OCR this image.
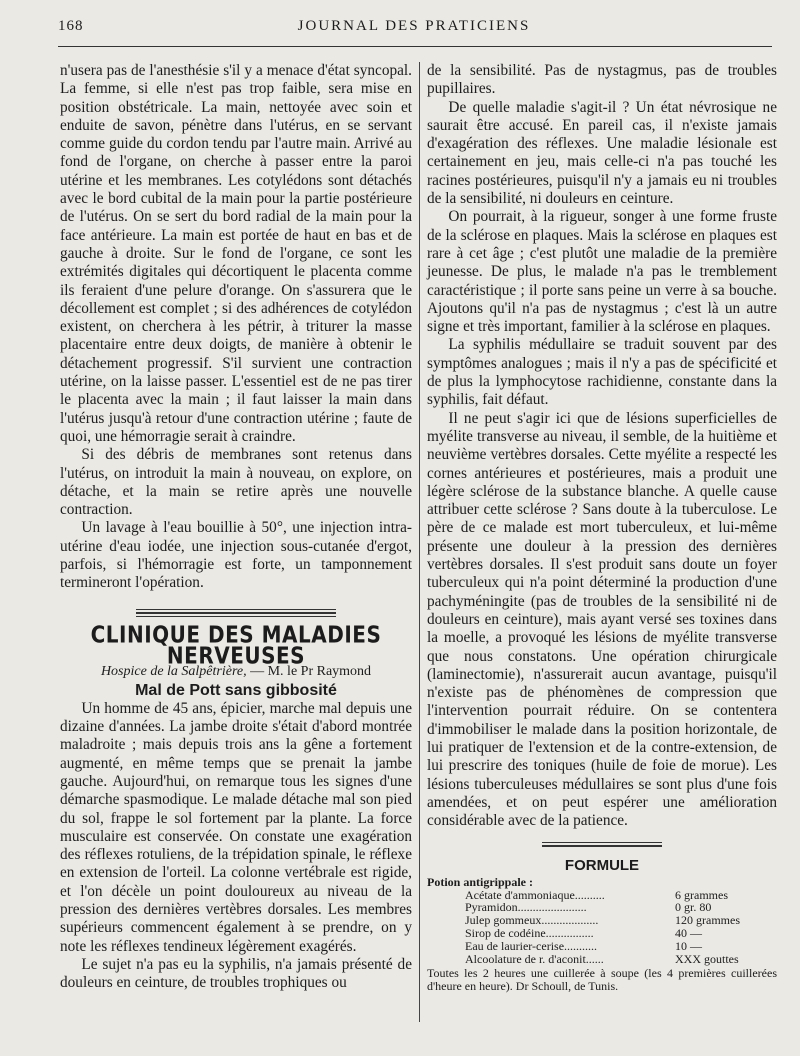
168	JOURNAL DES PRATICIENS

n'usera pas de l'anesthésie s'il y a menace d'état syncopal. La femme, si elle n'est pas trop faible, sera mise en position obstétricale. La main, nettoyée avec soin et enduite de savon, pénètre dans l'utérus, en se servant comme guide du cordon tendu par l'autre main. Arrivé au fond de l'organe, on cherche à passer entre la paroi utérine et les membranes. Les cotylédons sont détachés avec le bord cubital de la main pour la partie postérieure de l'utérus. On se sert du bord radial de la main pour la face antérieure. La main est portée de haut en bas et de gauche à droite. Sur le fond de l'organe, ce sont les extrémités digitales qui décortiquent le placenta comme ils feraient d'une pelure d'orange. On s'assurera que le décollement est complet ; si des adhérences de cotylédon existent, on cherchera à les pétrir, à triturer la masse placentaire entre deux doigts, de manière à obtenir le détachement progressif. S'il survient une contraction utérine, on la laisse passer. L'essentiel est de ne pas tirer le placenta avec la main ; il faut laisser la main dans l'utérus jusqu'à retour d'une contraction utérine ; faute de quoi, une hémorragie serait à craindre.

Si des débris de membranes sont retenus dans l'utérus, on introduit la main à nouveau, on explore, on détache, et la main se retire après une nouvelle contraction.

Un lavage à l'eau bouillie à 50°, une injection intra-utérine d'eau iodée, une injection sous-cutanée d'ergot, parfois, si l'hémorragie est forte, un tamponnement termineront l'opération.

CLINIQUE DES MALADIES NERVEUSES

Hospice de la Salpêtrière, — M. le Pr Raymond

Mal de Pott sans gibbosité

Un homme de 45 ans, épicier, marche mal depuis une dizaine d'années. La jambe droite s'était d'abord montrée maladroite ; mais depuis trois ans la gêne a fortement augmenté, en même temps que se prenait la jambe gauche. Aujourd'hui, on remarque tous les signes d'une démarche spasmodique. Le malade détache mal son pied du sol, frappe le sol fortement par la plante. La force musculaire est conservée. On constate une exagération des réflexes rotuliens, de la trépidation spinale, le réflexe en extension de l'orteil. La colonne vertébrale est rigide, et l'on décèle un point douloureux au niveau de la pression des dernières vertèbres dorsales. Les membres supérieurs commencent également à se prendre, on y note les réflexes tendineux légèrement exagérés.

Le sujet n'a pas eu la syphilis, n'a jamais présenté de douleurs en ceinture, de troubles trophiques ou

de la sensibilité. Pas de nystagmus, pas de troubles pupillaires.

De quelle maladie s'agit-il ? Un état névrosique ne saurait être accusé. En pareil cas, il n'existe jamais d'exagération des réflexes. Une maladie lésionale est certainement en jeu, mais celle-ci n'a pas touché les racines postérieures, puisqu'il n'y a jamais eu ni troubles de la sensibilité, ni douleurs en ceinture.

On pourrait, à la rigueur, songer à une forme fruste de la sclérose en plaques. Mais la sclérose en plaques est rare à cet âge ; c'est plutôt une maladie de la première jeunesse. De plus, le malade n'a pas le tremblement caractéristique ; il porte sans peine un verre à sa bouche. Ajoutons qu'il n'a pas de nystagmus ; c'est là un autre signe et très important, familier à la sclérose en plaques.

La syphilis médullaire se traduit souvent par des symptômes analogues ; mais il n'y a pas de spécificité et de plus la lymphocytose rachidienne, constante dans la syphilis, fait défaut.

Il ne peut s'agir ici que de lésions superficielles de myélite transverse au niveau, il semble, de la huitième et neuvième vertèbres dorsales. Cette myélite a respecté les cornes antérieures et postérieures, mais a produit une légère sclérose de la substance blanche. A quelle cause attribuer cette sclérose ? Sans doute à la tuberculose. Le père de ce malade est mort tuberculeux, et lui-même présente une douleur à la pression des dernières vertèbres dorsales. Il s'est produit sans doute un foyer tuberculeux qui n'a point déterminé la production d'une pachyméningite (pas de troubles de la sensibilité ni de douleurs en ceinture), mais ayant versé ses toxines dans la moelle, a provoqué les lésions de myélite transverse que nous constatons. Une opération chirurgicale (laminectomie), n'assurerait aucun avantage, puisqu'il n'existe pas de phénomènes de compression que l'intervention pourrait réduire. On se contentera d'immobiliser le malade dans la position horizontale, de lui pratiquer de l'extension et de la contre-extension, de lui prescrire des toniques (huile de foie de morue). Les lésions tuberculeuses médullaires se sont plus d'une fois amendées, et on peut espérer une amélioration considérable avec de la patience.

FORMULE

Potion antigrippale :

Acétate d'ammoniaque..........	6 grammes
Pyramidon.......................	0 gr. 80
Julep gommeux...................	120 grammes
Sirop de codéine................	40 —
Eau de laurier-cerise...........	10 —
Alcoolature de r. d'aconit......	XXX gouttes

Toutes les 2 heures une cuillerée à soupe (les 4 premières cuillerées d'heure en heure). Dr Schoull, de Tunis.
